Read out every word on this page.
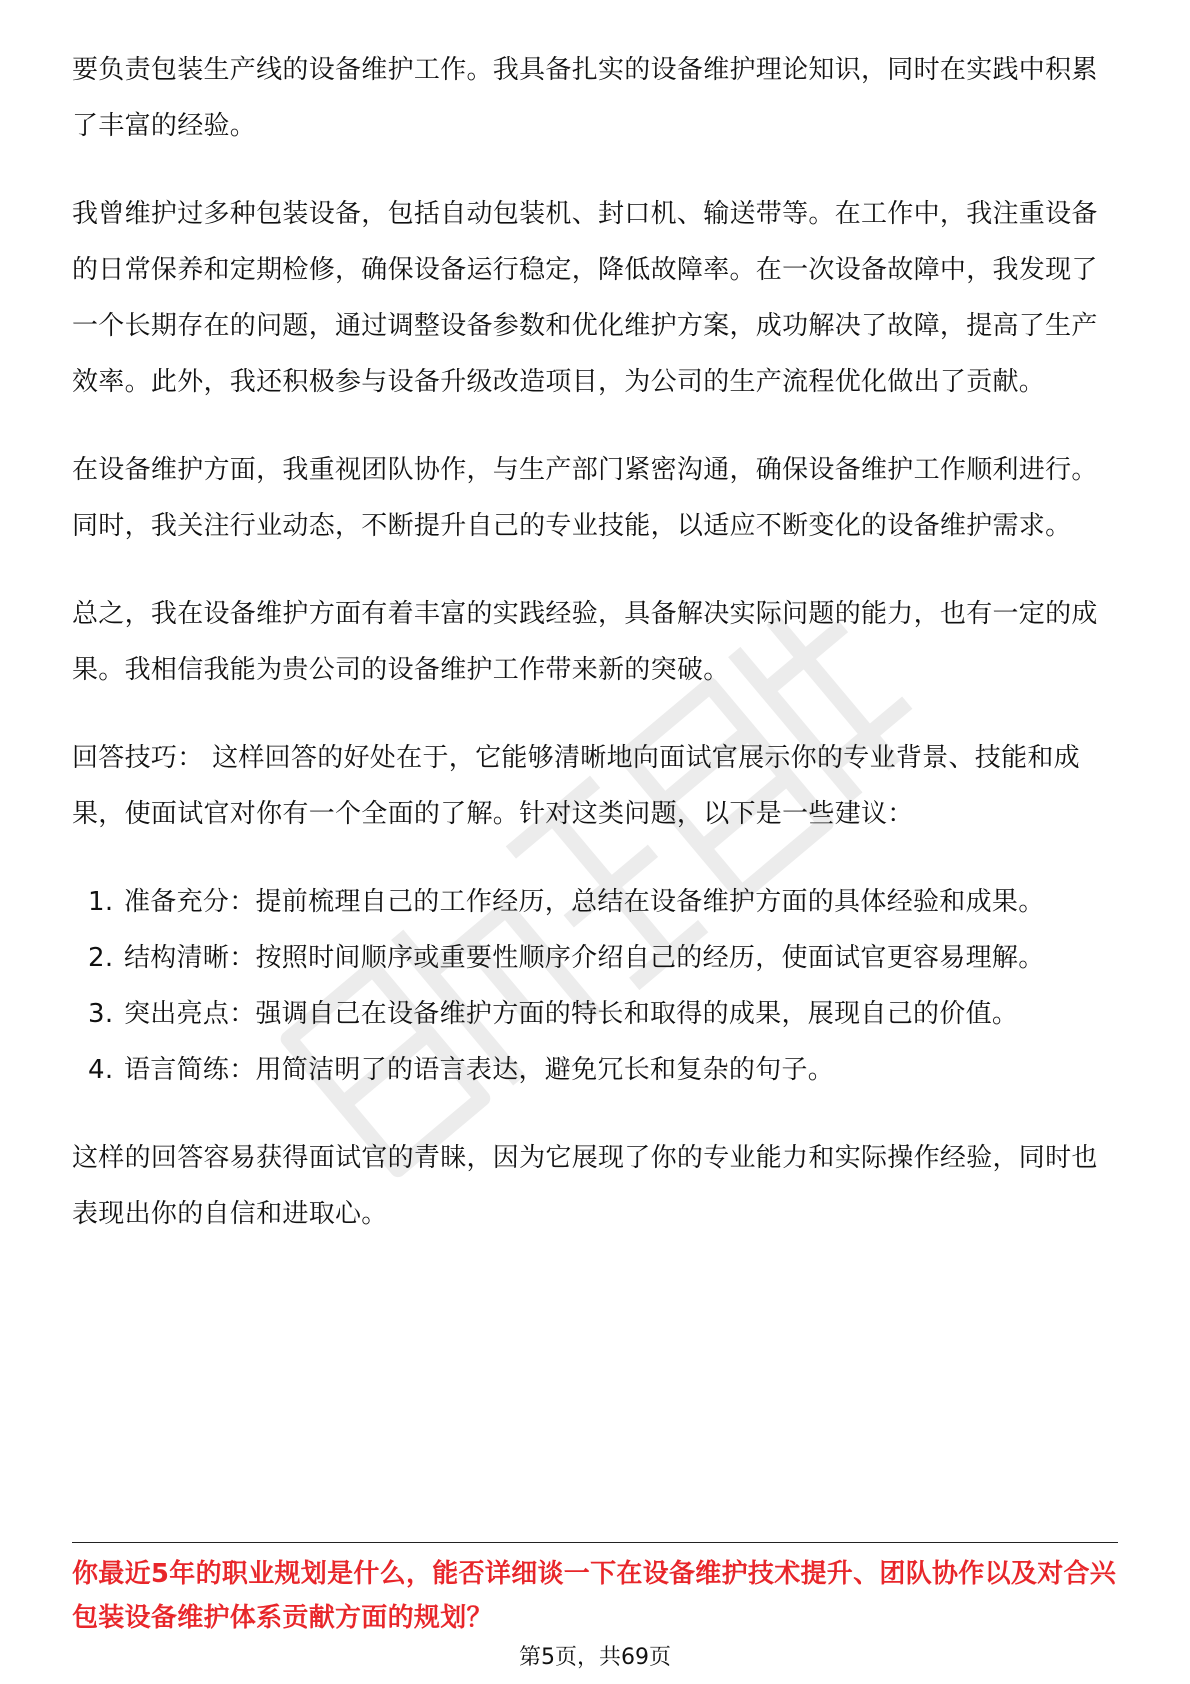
要负责包装生产线的设备维护工作。我具备扎实的设备维护理论知识，同时在实践中积累了丰富的经验。

我曾维护过多种包装设备，包括自动包装机、封口机、输送带等。在工作中，我注重设备的日常保养和定期检修，确保设备运行稳定，降低故障率。在一次设备故障中，我发现了一个长期存在的问题，通过调整设备参数和优化维护方案，成功解决了故障，提高了生产效率。此外，我还积极参与设备升级改造项目，为公司的生产流程优化做出了贡献。

在设备维护方面，我重视团队协作，与生产部门紧密沟通，确保设备维护工作顺利进行。同时，我关注行业动态，不断提升自己的专业技能，以适应不断变化的设备维护需求。

总之，我在设备维护方面有着丰富的实践经验，具备解决实际问题的能力，也有一定的成果。我相信我能为贵公司的设备维护工作带来新的突破。

回答技巧： 这样回答的好处在于，它能够清晰地向面试官展示你的专业背景、技能和成果，使面试官对你有一个全面的了解。针对这类问题，以下是一些建议：

1. 准备充分：提前梳理自己的工作经历，总结在设备维护方面的具体经验和成果。
2. 结构清晰：按照时间顺序或重要性顺序介绍自己的经历，使面试官更容易理解。
3. 突出亮点：强调自己在设备维护方面的特长和取得的成果，展现自己的价值。
4. 语言简练：用简洁明了的语言表达，避免冗长和复杂的句子。

这样的回答容易获得面试官的青睐，因为它展现了你的专业能力和实际操作经验，同时也表现出你的自信和进取心。

你最近5年的职业规划是什么，能否详细谈一下在设备维护技术提升、团队协作以及对合兴包装设备维护体系贡献方面的规划？

第5页，共69页
